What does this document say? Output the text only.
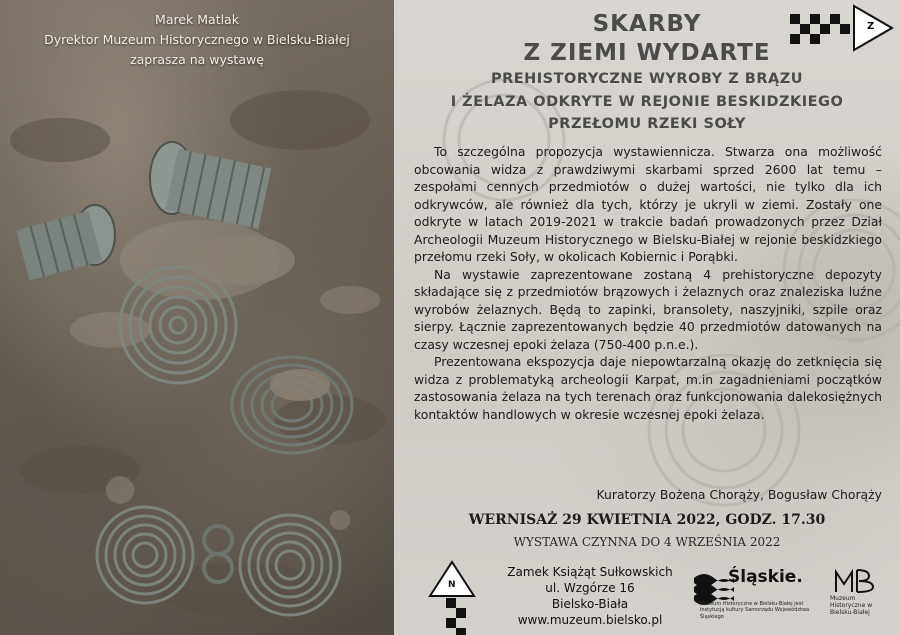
Marek Matlak
Dyrektor Muzeum Historycznego w Bielsku-Białej
zaprasza na wystawę
SKARBY
Z ZIEMI WYDARTE
PREHISTORYCZNE WYROBY Z BRĄZU
I ŻELAZA ODKRYTE W REJONIE BESKIDZKIEGO
PRZEŁOMU RZEKI SOŁY
Z
N

To szczególna propozycja wystawiennicza. Stwarza ona możliwość obcowania widza z prawdziwymi skarbami sprzed 2600 lat temu – zespołami cennych przedmiotów o dużej wartości, nie tylko dla ich odkrywców, ale również dla tych, którzy je ukryli w ziemi. Zostały one odkryte w latach 2019-2021 w trakcie badań prowadzonych przez Dział Archeologii Muzeum Historycznego w Bielsku-Białej w rejonie beskidzkiego przełomu rzeki Soły, w okolicach Kobiernic i Porąbki.

Na wystawie zaprezentowane zostaną 4 prehistoryczne depozyty składające się z przedmiotów brązowych i żelaznych oraz znaleziska luźne wyrobów żelaznych. Będą to zapinki, bransolety, naszyjniki, szpile oraz sierpy. Łącznie zaprezentowanych będzie 40 przedmiotów datowanych na czasy wczesnej epoki żelaza (750-400 p.n.e.).

Prezentowana ekspozycja daje niepowtarzalną okazję do zetknięcia się widza z problematyką archeologii Karpat, m.in zagadnieniami początków zastosowania żelaza na tych terenach oraz funkcjonowania dalekosiężnych kontaktów handlowych w okresie wczesnej epoki żelaza.

Kuratorzy Bożena Chorąży, Bogusław Chorąży
WERNISAŻ 29 KWIETNIA 2022, GODZ. 17.30
WYSTAWA CZYNNA DO 4 WRZEŚNIA 2022
Zamek Książąt Sułkowskich
ul. Wzgórze 16
Bielsko-Biała
www.muzeum.bielsko.pl
Śląskie.
Muzeum Historyczne w Bielsku-Białej jest instytucją kultury Samorządu Województwa Śląskiego
Muzeum Historyczne w Bielsku-Białej
